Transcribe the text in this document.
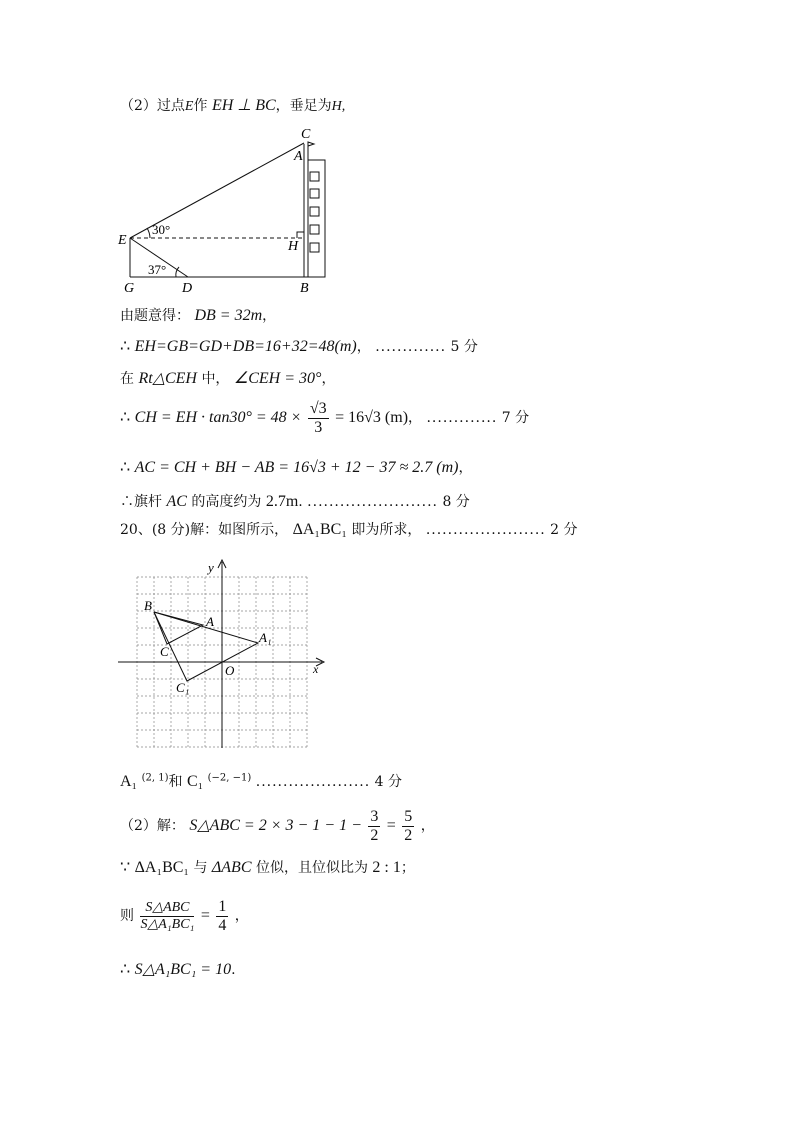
（2）过点E作 EH ⊥ BC，垂足为H,
C
A
E	H
G	D	B
30°
37°
由题意得： DB = 32m，
∴ EH=GB=GD+DB=16+32=48(m)， ............. 5 分
在 Rt△CEH 中， ∠CEH = 30°，
∴ CH = EH · $\tan 30^\circ = 48 \times \frac{√3}{3} = 16√3$ (m)， ............. 7 分
∴ AC = CH + BH − AB = 16√3 + 12 − 37 ≈ 2.7 (m)，
∴旗杆 AC 的高度约为 2.7m. ........................ 8 分
20、(8 分)解：如图所示， ΔA₁BC₁ 即为所求， ...................... 2 分
y
x
B
A
A₁
C
O
C₁
A₁ $^{(2, 1)}$和 C₁ $^{(-2, -1)}$ ..................... 4 分
（2）解： S△ABC = $2 \times 3 - 1 - 1 - \frac{3}{2} = \frac{5}{2}$ ，
∵ ΔA₁BC₁ 与 ΔABC 位似，且位似比为 2 : 1；
则 $\frac{\text{S△ABC}}{\text{S△A₁BC₁}} = \frac{1}{4}$ ，
∴ S△A₁BC₁ = 10.
